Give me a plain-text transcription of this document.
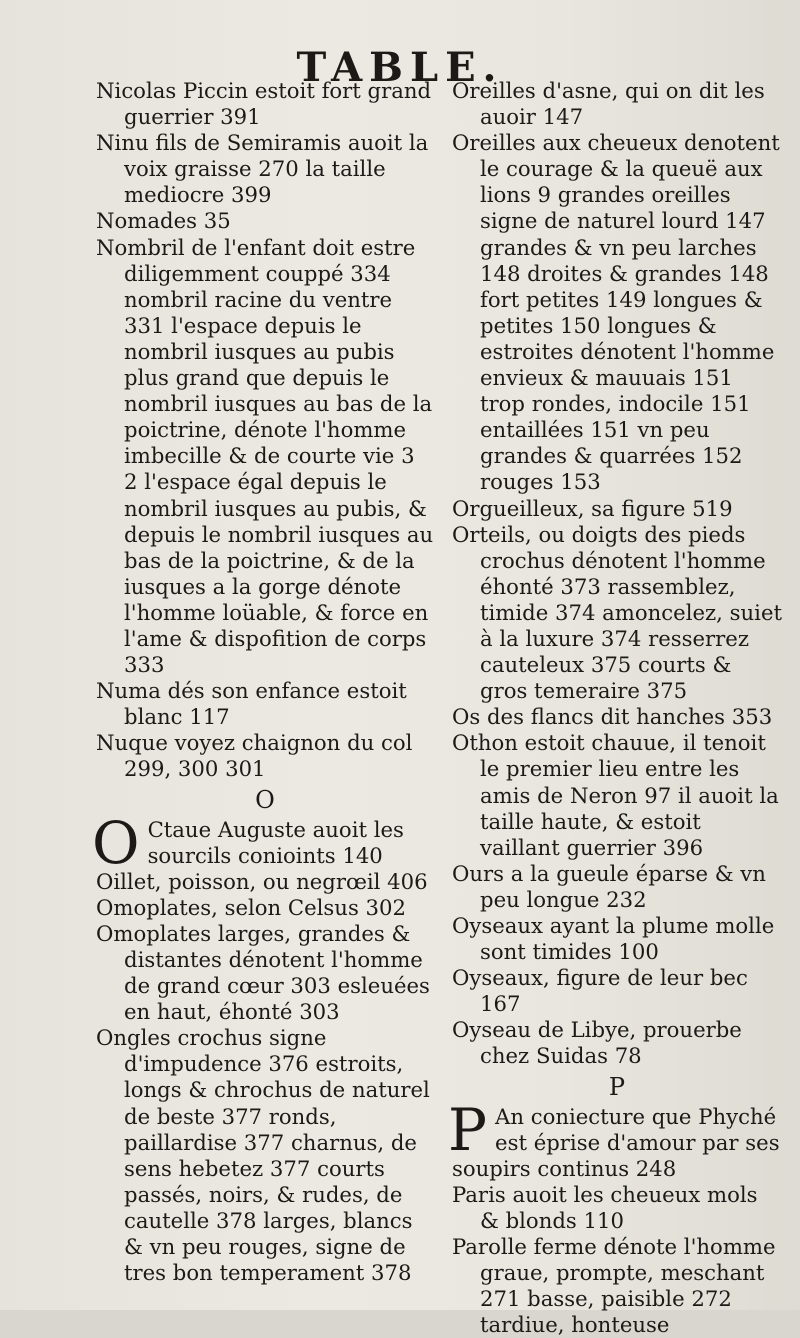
TABLE.
Nicolas Piccin estoit fort grand guerrier 391
Ninu fils de Semiramis auoit la voix graisse 270 la taille mediocre 399
Nomades 35
Nombril de l'enfant doit estre diligemment couppé 334 nombril racine du ventre 331 l'espace depuis le nombril iusques au pubis plus grand que depuis le nombril iusques au bas de la poictrine, dénote l'homme imbecille & de courte vie 3 2 l'espace égal depuis le nombril iusques au pubis, & depuis le nombril iusques au bas de la poictrine, & de la iusques a la gorge dénote l'homme loüable, & force en l'ame & dispofition de corps 333
Numa dés son enfance estoit blanc 117
Nuque voyez chaignon du col 299, 300 301
O
O Ctaue Auguste auoit les sourcils conioints 140
Oillet, poisson, ou negrœil 406
Omoplates, selon Celsus 302
Omoplates larges, grandes & distantes dénotent l'homme de grand cœur 303 esleuées en haut, éhonté 303
Ongles crochus signe d'impudence 376 estroits, longs & chrochus de naturel de beste 377 ronds, paillardise 377 charnus, de sens hebetez 377 courts passés, noirs, & rudes, de cautelle 378 larges, blancs & vn peu rouges, signe de tres bon temperament 378
Oreilles d'asne, qui on dit les auoir 147
Oreilles aux cheueux denotent le courage & la queuë aux lions 9 grandes oreilles signe de naturel lourd 147 grandes & vn peu larches 148 droites & grandes 148 fort petites 149 longues & petites 150 longues & estroites dénotent l'homme envieux & mauuais 151 trop rondes, indocile 151 entaillées 151 vn peu grandes & quarrées 152 rouges 153
Orgueilleux, sa figure 519
Orteils, ou doigts des pieds crochus dénotent l'homme éhonté 373 rassemblez, timide 374 amoncelez, suiet à la luxure 374 resserrez cauteleux 375 courts & gros temeraire 375
Os des flancs dit hanches 353
Othon estoit chauue, il tenoit le premier lieu entre les amis de Neron 97 il auoit la taille haute, & estoit vaillant guerrier 396
Ours a la gueule éparse & vn peu longue 232
Oyseaux ayant la plume molle sont timides 100
Oyseaux, figure de leur bec 167
Oyseau de Libye, prouerbe chez Suidas 78
P
P An coniecture que Phyché est éprise d'amour par ses soupirs continus 248
Paris auoit les cheueux mols & blonds 110
Parolle ferme dénote l'homme graue, prompte, meschant 271 basse, paisible 272 tardiue, honteuse
